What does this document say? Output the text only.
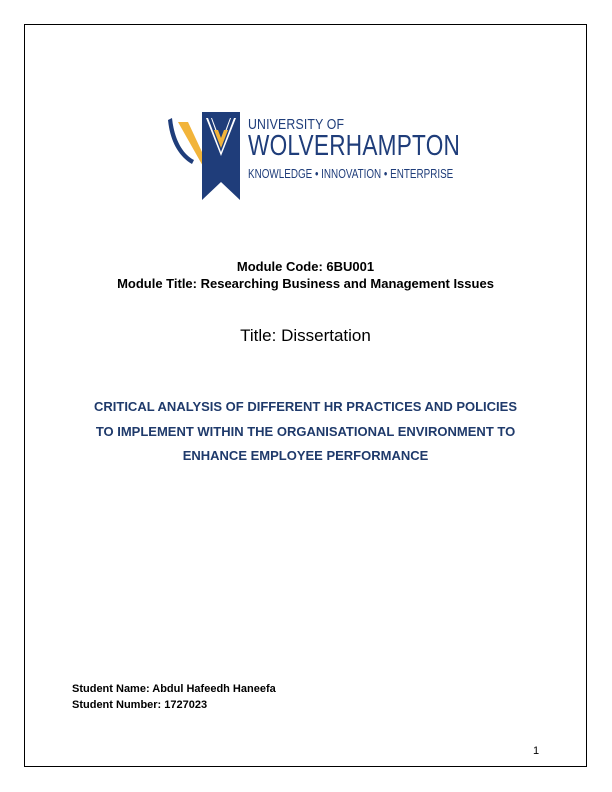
UNIVERSITY OF
WOLVERHAMPTON
KNOWLEDGE • INNOVATION • ENTERPRISE
Module Code: 6BU001
Module Title: Researching Business and Management Issues
Title: Dissertation
CRITICAL ANALYSIS OF DIFFERENT HR PRACTICES AND POLICIES
TO IMPLEMENT WITHIN THE ORGANISATIONAL ENVIRONMENT TO
ENHANCE EMPLOYEE PERFORMANCE
Student Name: Abdul Hafeedh Haneefa
Student Number: 1727023
1
